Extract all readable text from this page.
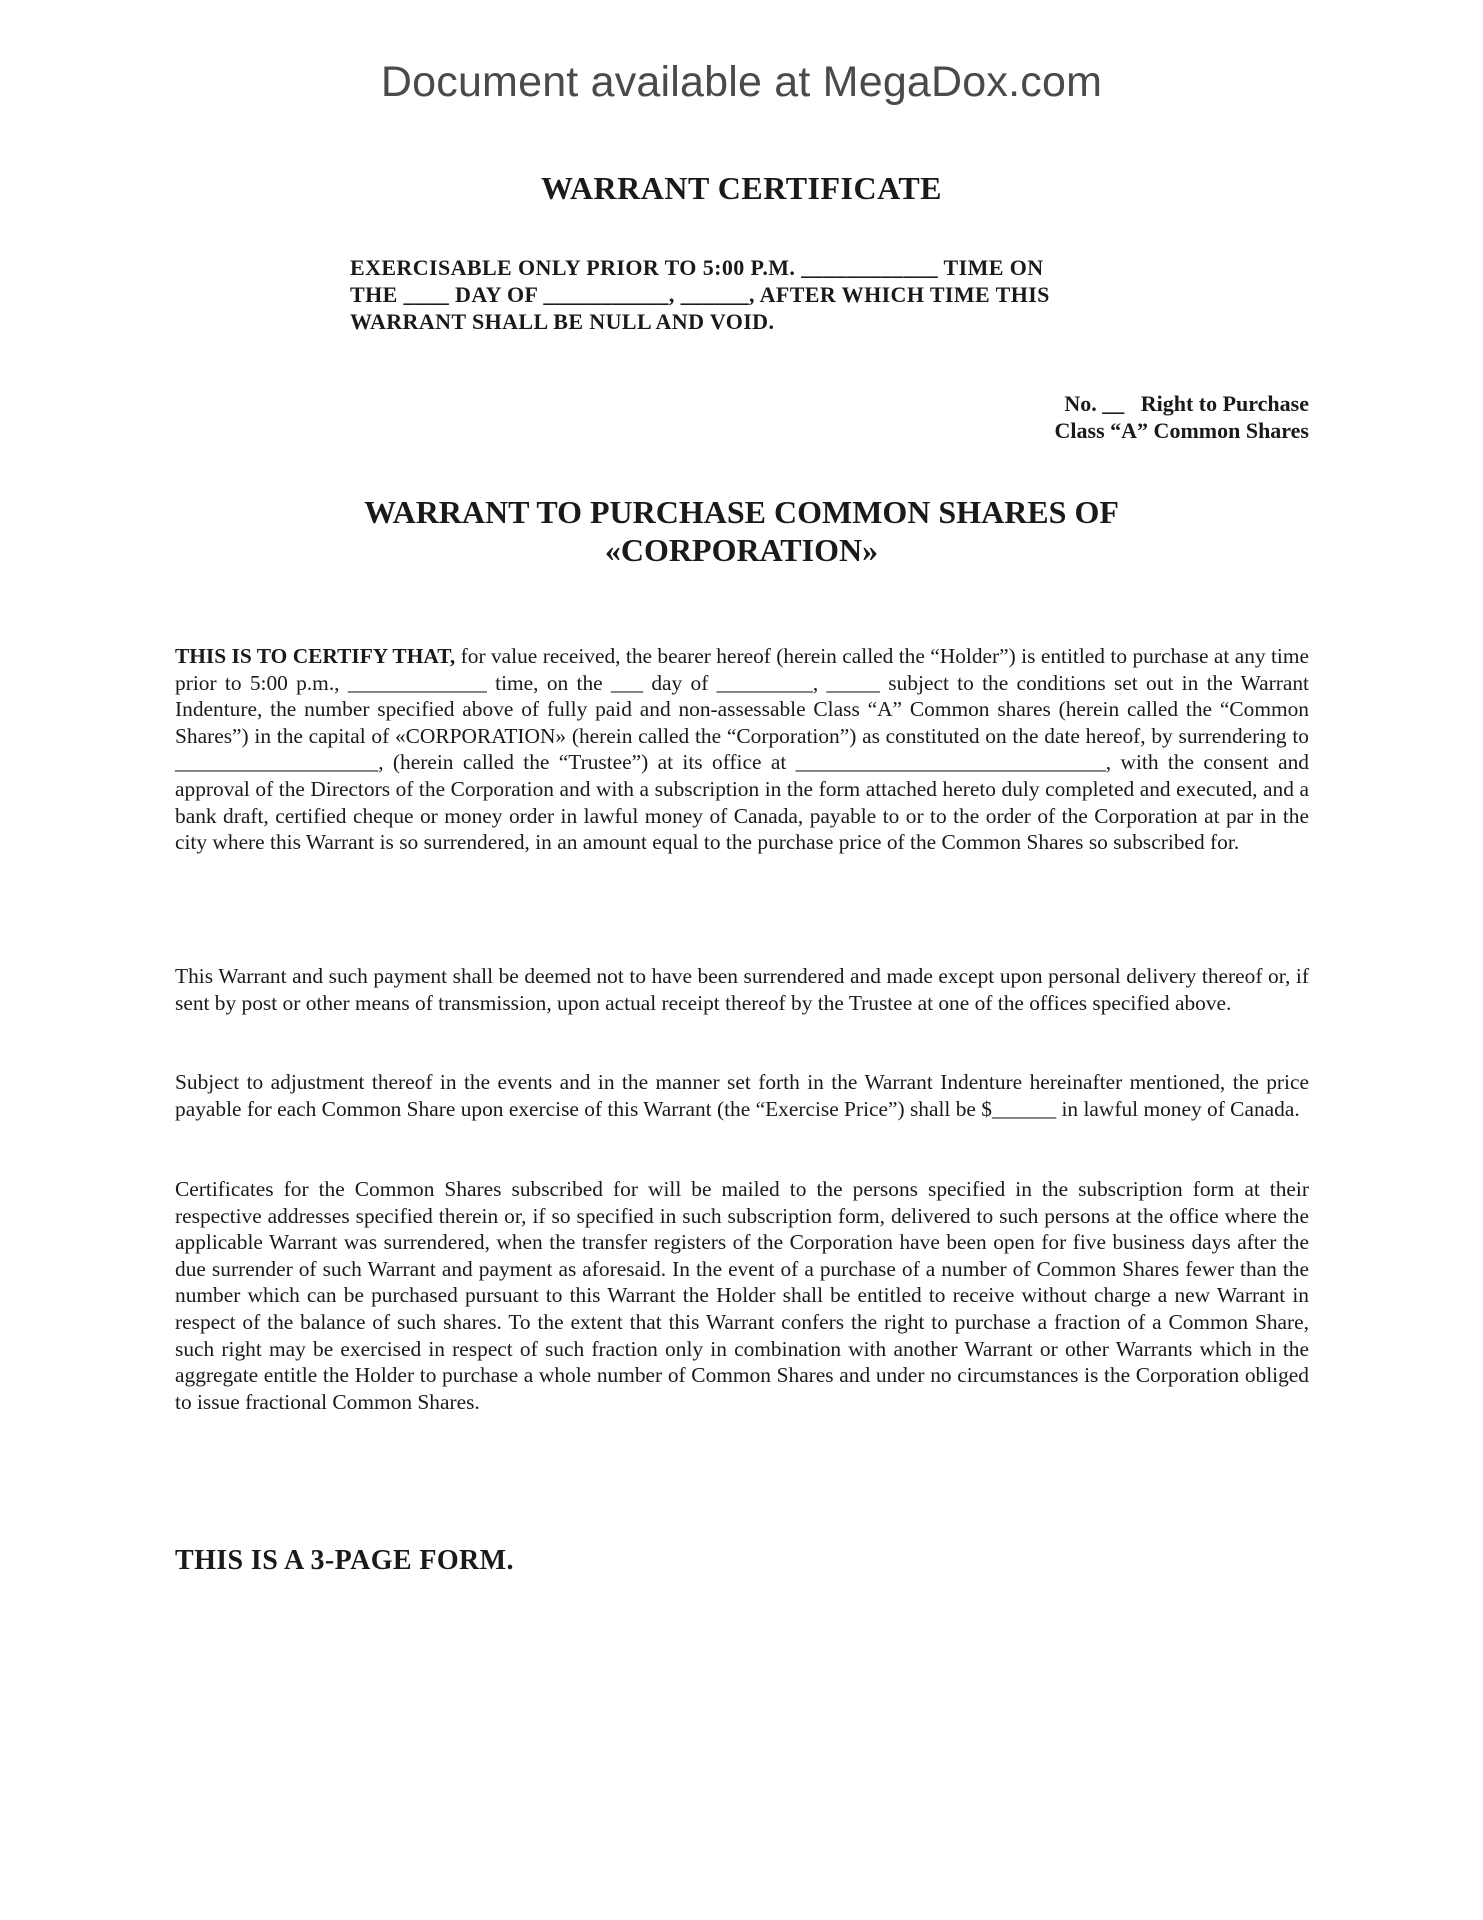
Document available at MegaDox.com
WARRANT CERTIFICATE
EXERCISABLE ONLY PRIOR TO 5:00 P.M. ____________ TIME ON
THE ____ DAY OF ___________, ______, AFTER WHICH TIME THIS
WARRANT SHALL BE NULL AND VOID.
No. __   Right to Purchase
Class “A” Common Shares
WARRANT TO PURCHASE COMMON SHARES OF
«CORPORATION»
THIS IS TO CERTIFY THAT, for value received, the bearer hereof (herein called the “Holder”) is entitled to purchase at any time prior to 5:00 p.m., _____________ time, on the ___ day of _________, _____ subject to the conditions set out in the Warrant Indenture, the number specified above of fully paid and non-assessable Class “A” Common shares (herein called the “Common Shares”) in the capital of «CORPORATION» (herein called the “Corporation”) as constituted on the date hereof, by surrendering to ___________________, (herein called the “Trustee”) at its office at _____________________________, with the consent and approval of the Directors of the Corporation and with a subscription in the form attached hereto duly completed and executed, and a bank draft, certified cheque or money order in lawful money of Canada, payable to or to the order of the Corporation at par in the city where this Warrant is so surrendered, in an amount equal to the purchase price of the Common Shares so subscribed for.
This Warrant and such payment shall be deemed not to have been surrendered and made except upon personal delivery thereof or, if sent by post or other means of transmission, upon actual receipt thereof by the Trustee at one of the offices specified above.
Subject to adjustment thereof in the events and in the manner set forth in the Warrant Indenture hereinafter mentioned, the price payable for each Common Share upon exercise of this Warrant (the “Exercise Price”) shall be $______ in lawful money of Canada.
Certificates for the Common Shares subscribed for will be mailed to the persons specified in the subscription form at their respective addresses specified therein or, if so specified in such subscription form, delivered to such persons at the office where the applicable Warrant was surrendered, when the transfer registers of the Corporation have been open for five business days after the due surrender of such Warrant and payment as aforesaid. In the event of a purchase of a number of Common Shares fewer than the number which can be purchased pursuant to this Warrant the Holder shall be entitled to receive without charge a new Warrant in respect of the balance of such shares. To the extent that this Warrant confers the right to purchase a fraction of a Common Share, such right may be exercised in respect of such fraction only in combination with another Warrant or other Warrants which in the aggregate entitle the Holder to purchase a whole number of Common Shares and under no circumstances is the Corporation obliged to issue fractional Common Shares.
THIS IS A 3-PAGE FORM.
